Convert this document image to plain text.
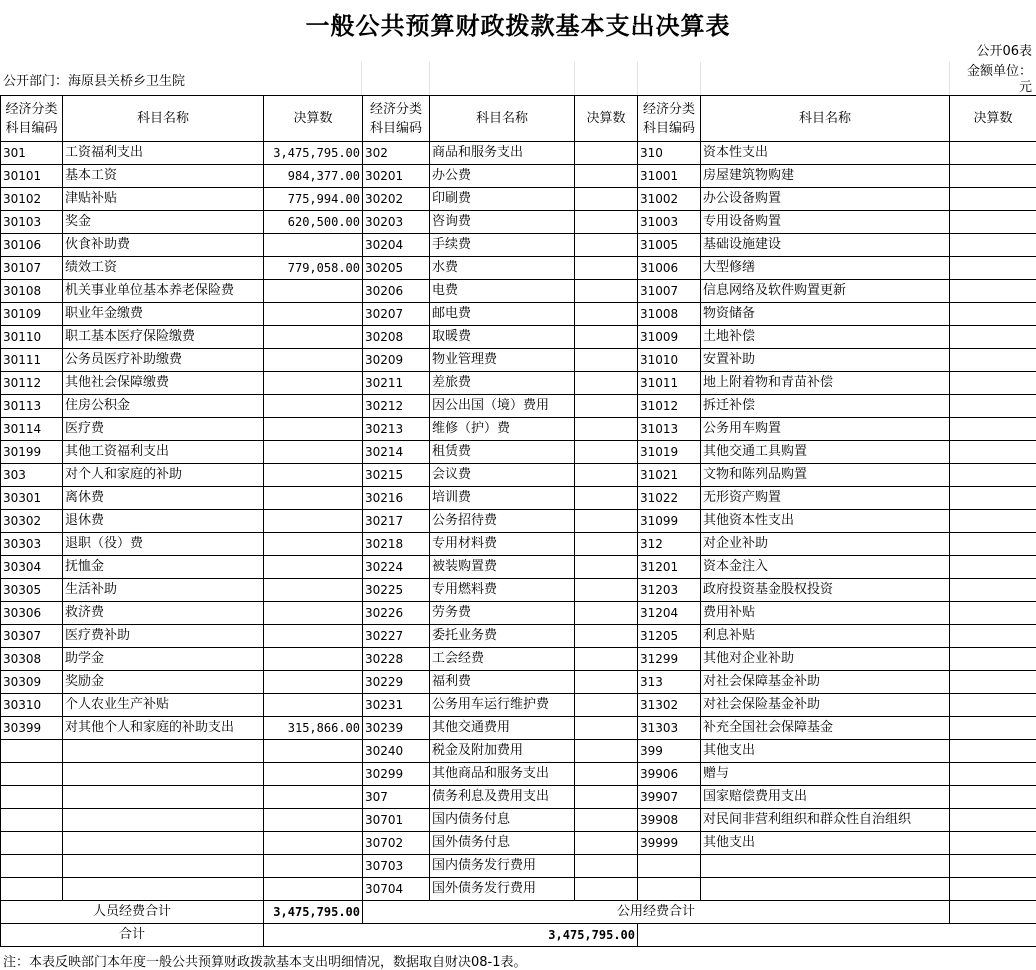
一般公共预算财政拨款基本支出决算表
公开06表
公开部门：海原县关桥乡卫生院
金额单位：
元
经济分类科目编码	科目名称	决算数	经济分类科目编码	科目名称	决算数	经济分类科目编码	科目名称	决算数
301	工资福利支出	3,475,795.00	302	商品和服务支出		310	资本性支出	
30101	基本工资	984,377.00	30201	办公费		31001	房屋建筑物购建	
30102	津贴补贴	775,994.00	30202	印刷费		31002	办公设备购置	
30103	奖金	620,500.00	30203	咨询费		31003	专用设备购置	
30106	伙食补助费		30204	手续费		31005	基础设施建设	
30107	绩效工资	779,058.00	30205	水费		31006	大型修缮	
30108	机关事业单位基本养老保险费		30206	电费		31007	信息网络及软件购置更新	
30109	职业年金缴费		30207	邮电费		31008	物资储备	
30110	职工基本医疗保险缴费		30208	取暖费		31009	土地补偿	
30111	公务员医疗补助缴费		30209	物业管理费		31010	安置补助	
30112	其他社会保障缴费		30211	差旅费		31011	地上附着物和青苗补偿	
30113	住房公积金		30212	因公出国（境）费用		31012	拆迁补偿	
30114	医疗费		30213	维修（护）费		31013	公务用车购置	
30199	其他工资福利支出		30214	租赁费		31019	其他交通工具购置	
303	对个人和家庭的补助		30215	会议费		31021	文物和陈列品购置	
30301	离休费		30216	培训费		31022	无形资产购置	
30302	退休费		30217	公务招待费		31099	其他资本性支出	
30303	退职（役）费		30218	专用材料费		312	对企业补助	
30304	抚恤金		30224	被装购置费		31201	资本金注入	
30305	生活补助		30225	专用燃料费		31203	政府投资基金股权投资	
30306	救济费		30226	劳务费		31204	费用补贴	
30307	医疗费补助		30227	委托业务费		31205	利息补贴	
30308	助学金		30228	工会经费		31299	其他对企业补助	
30309	奖励金		30229	福利费		313	对社会保障基金补助	
30310	个人农业生产补贴		30231	公务用车运行维护费		31302	对社会保险基金补助	
30399	对其他个人和家庭的补助支出	315,866.00	30239	其他交通费用		31303	补充全国社会保障基金	
			30240	税金及附加费用		399	其他支出	
			30299	其他商品和服务支出		39906	赠与	
			307	债务利息及费用支出		39907	国家赔偿费用支出	
			30701	国内债务付息		39908	对民间非营利组织和群众性自治组织	
			30702	国外债务付息		39999	其他支出	
			30703	国内债务发行费用				
			30704	国外债务发行费用				
人员经费合计		3,475,795.00	公用经费合计					
合计		3,475,795.00						
注：本表反映部门本年度一般公共预算财政拨款基本支出明细情况，数据取自财决08-1表。
